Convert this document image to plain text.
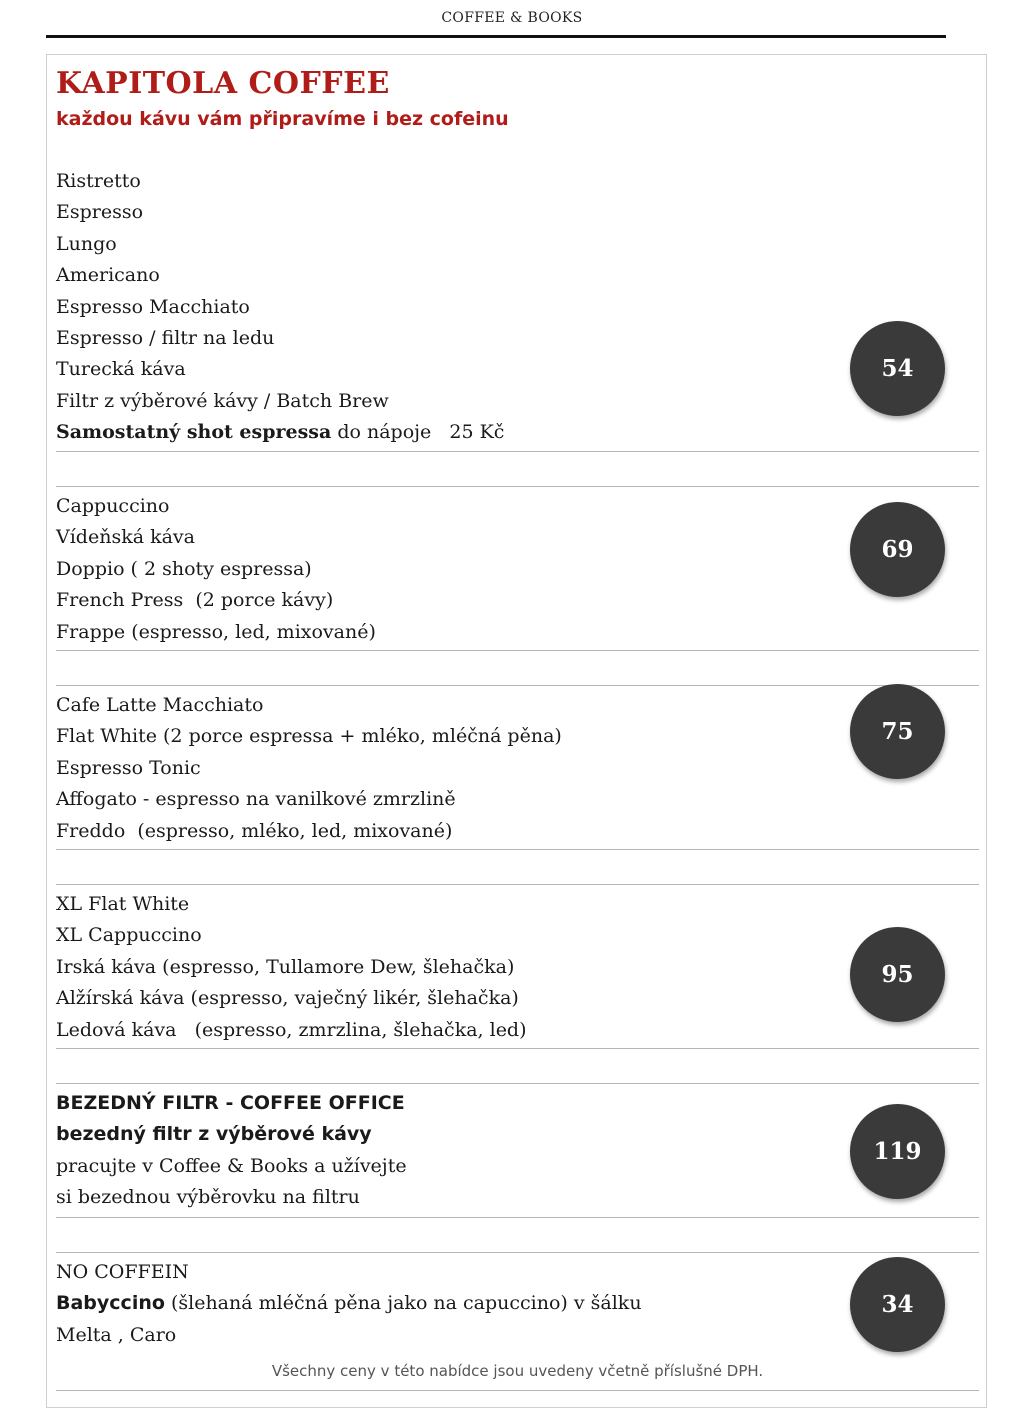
COFFEE & BOOKS
KAPITOLA COFFEE
každou kávu vám připravíme i bez cofeinu
Ristretto
Espresso
Lungo
Americano
Espresso Macchiato
Espresso / filtr na ledu
Turecká káva
Filtr z výběrové kávy / Batch Brew
Samostatný shot espressa do nápoje   25 Kč
54
Cappuccino
Vídeňská káva
Doppio ( 2 shoty espressa)
French Press  (2 porce kávy)
Frappe (espresso, led, mixované)
69
Cafe Latte Macchiato
Flat White (2 porce espressa + mléko, mléčná pěna)
Espresso Tonic
Affogato - espresso na vanilkové zmrzlině
Freddo  (espresso, mléko, led, mixované)
75
XL Flat White
XL Cappuccino
Irská káva (espresso, Tullamore Dew, šlehačka)
Alžírská káva (espresso, vaječný likér, šlehačka)
Ledová káva   (espresso, zmrzlina, šlehačka, led)
95
BEZEDNÝ FILTR - COFFEE OFFICE
bezedný filtr z výběrové kávy
pracujte v Coffee & Books a užívejte
si bezednou výběrovku na filtru
119
NO COFFEIN
Babyccino (šlehaná mléčná pěna jako na capuccino) v šálku
Melta , Caro
34
Všechny ceny v této nabídce jsou uvedeny včetně příslušné DPH.
